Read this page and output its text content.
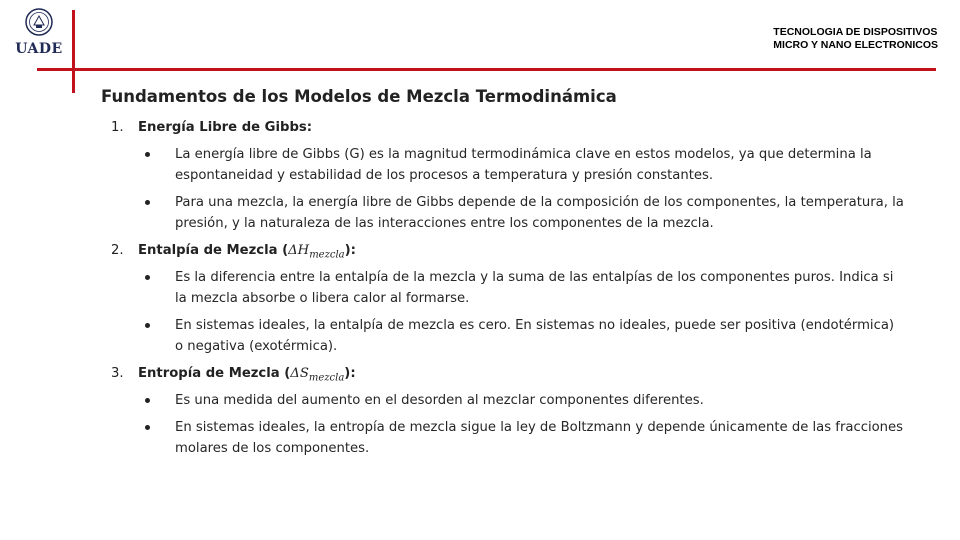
UADE
TECNOLOGIA DE DISPOSITIVOS
MICRO Y NANO ELECTRONICOS
Fundamentos de los Modelos de Mezcla Termodinámica
1. Energía Libre de Gibbs:
La energía libre de Gibbs (G) es la magnitud termodinámica clave en estos modelos, ya que determina la espontaneidad y estabilidad de los procesos a temperatura y presión constantes.
Para una mezcla, la energía libre de Gibbs depende de la composición de los componentes, la temperatura, la presión, y la naturaleza de las interacciones entre los componentes de la mezcla.
2. Entalpía de Mezcla $(\Delta H_{mezcla})$:
Es la diferencia entre la entalpía de la mezcla y la suma de las entalpías de los componentes puros. Indica si la mezcla absorbe o libera calor al formarse.
En sistemas ideales, la entalpía de mezcla es cero. En sistemas no ideales, puede ser positiva (endotérmica) o negativa (exotérmica).
3. Entropía de Mezcla $(\Delta S_{mezcla})$:
Es una medida del aumento en el desorden al mezclar componentes diferentes.
En sistemas ideales, la entropía de mezcla sigue la ley de Boltzmann y depende únicamente de las fracciones molares de los componentes.
